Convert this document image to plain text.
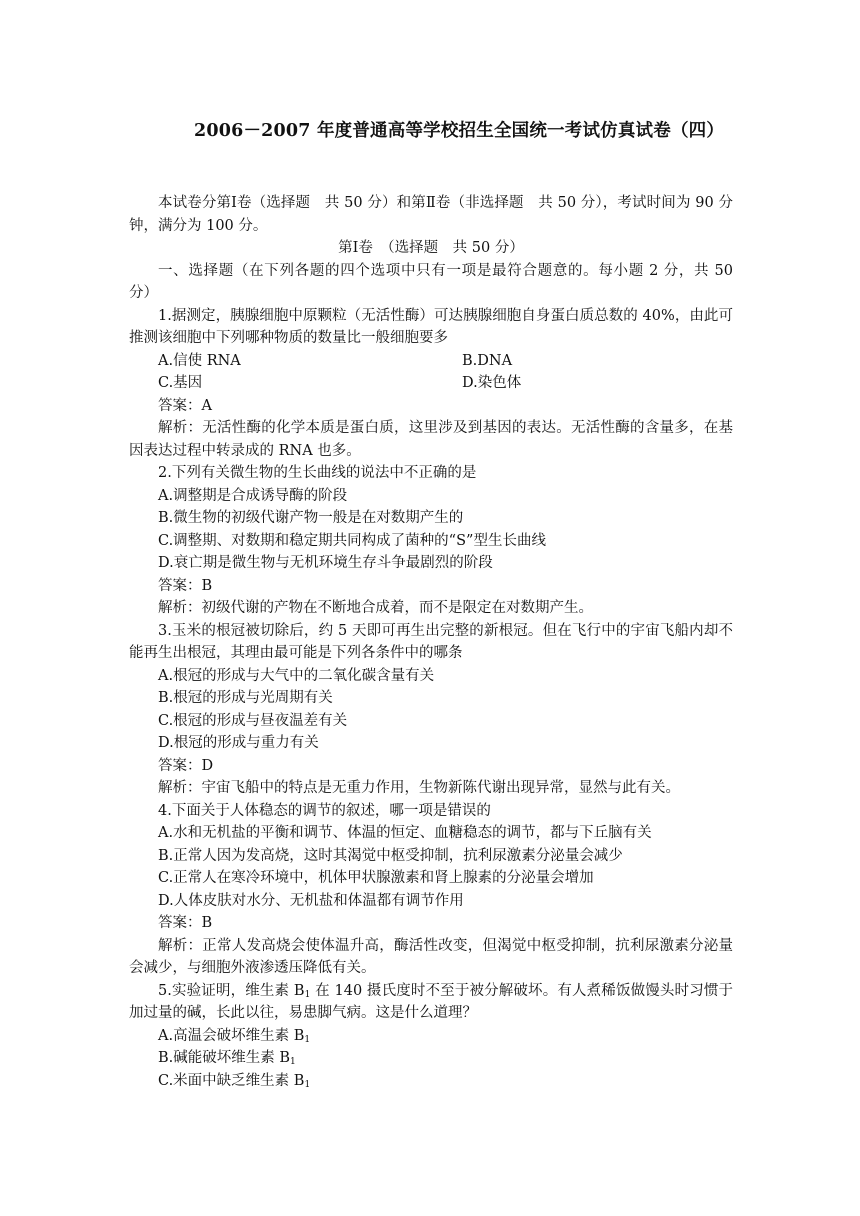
2006－2007 年度普通高等学校招生全国统一考试仿真试卷（四）

本试卷分第Ⅰ卷（选择题　共 50 分）和第Ⅱ卷（非选择题　共 50 分），考试时间为 90 分钟，满分为 100 分。

第Ⅰ卷　（选择题　共 50 分）

一、选择题（在下列各题的四个选项中只有一项是最符合题意的。每小题 2 分，共 50 分）

1.据测定，胰腺细胞中原颗粒（无活性酶）可达胰腺细胞自身蛋白质总数的 40%，由此可推测该细胞中下列哪种物质的数量比一般细胞要多

A.信使 RNA	B.DNA
C.基因	D.染色体

答案：A

解析：无活性酶的化学本质是蛋白质，这里涉及到基因的表达。无活性酶的含量多，在基因表达过程中转录成的 RNA 也多。

2.下列有关微生物的生长曲线的说法中不正确的是

A.调整期是合成诱导酶的阶段

B.微生物的初级代谢产物一般是在对数期产生的

C.调整期、对数期和稳定期共同构成了菌种的“S”型生长曲线

D.衰亡期是微生物与无机环境生存斗争最剧烈的阶段

答案：B

解析：初级代谢的产物在不断地合成着，而不是限定在对数期产生。

3.玉米的根冠被切除后，约 5 天即可再生出完整的新根冠。但在飞行中的宇宙飞船内却不能再生出根冠，其理由最可能是下列各条件中的哪条

A.根冠的形成与大气中的二氧化碳含量有关

B.根冠的形成与光周期有关

C.根冠的形成与昼夜温差有关

D.根冠的形成与重力有关

答案：D

解析：宇宙飞船中的特点是无重力作用，生物新陈代谢出现异常，显然与此有关。

4.下面关于人体稳态的调节的叙述，哪一项是错误的

A.水和无机盐的平衡和调节、体温的恒定、血糖稳态的调节，都与下丘脑有关

B.正常人因为发高烧，这时其渴觉中枢受抑制，抗利尿激素分泌量会减少

C.正常人在寒冷环境中，机体甲状腺激素和肾上腺素的分泌量会增加

D.人体皮肤对水分、无机盐和体温都有调节作用

答案：B

解析：正常人发高烧会使体温升高，酶活性改变，但渴觉中枢受抑制，抗利尿激素分泌量会减少，与细胞外液渗透压降低有关。

5.实验证明，维生素 $B_1$ 在 140 摄氏度时不至于被分解破坏。有人煮稀饭做馒头时习惯于加过量的碱，长此以往，易患脚气病。这是什么道理？

A.高温会破坏维生素 $B_1$

B.碱能破坏维生素 $B_1$

C.米面中缺乏维生素 $B_1$
